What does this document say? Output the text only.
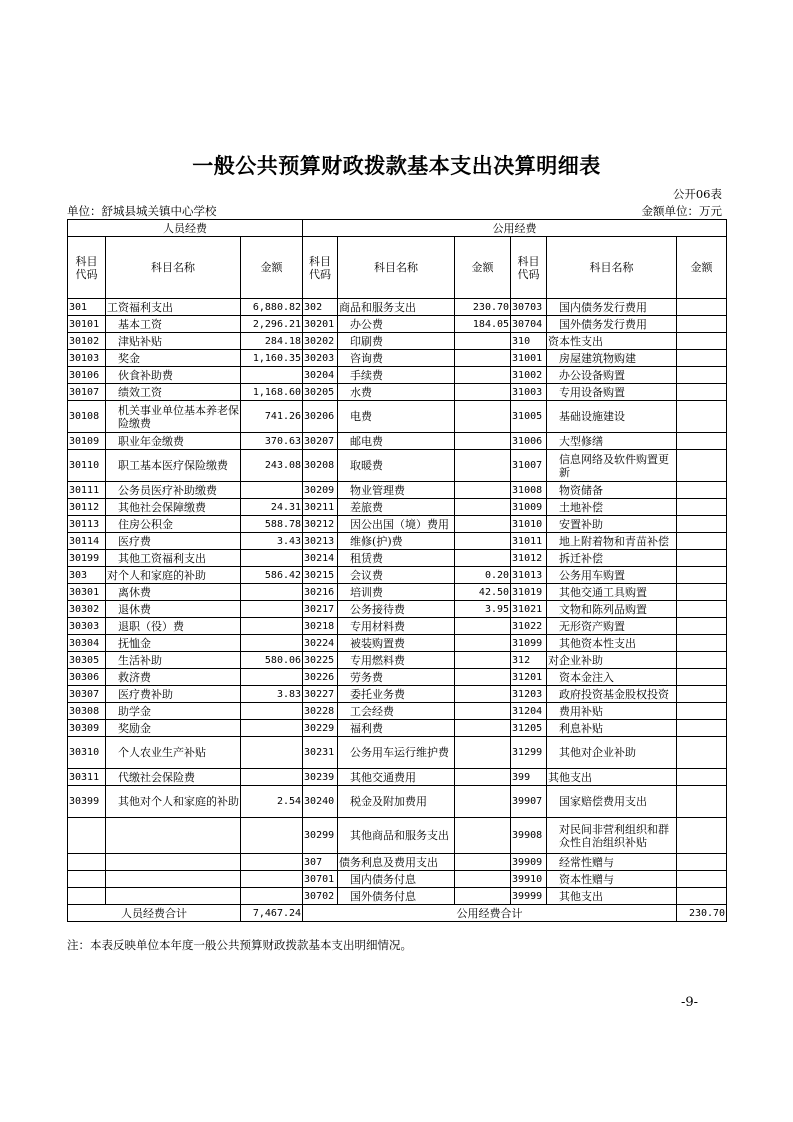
一般公共预算财政拨款基本支出决算明细表
公开06表
单位：舒城县城关镇中心学校	金额单位：万元
人员经费			公用经费					
科目
代码	科目名称	金额	科目
代码	科目名称	金额	科目
代码	科目名称	金额
301	工资福利支出	6,880.82	302	商品和服务支出	230.70	30703	国内债务发行费用	
30101	基本工资	2,296.21	30201	办公费	184.05	30704	国外债务发行费用	
30102	津贴补贴	284.18	30202	印刷费		310	资本性支出	
30103	奖金	1,160.35	30203	咨询费		31001	房屋建筑物购建	
30106	伙食补助费		30204	手续费		31002	办公设备购置	
30107	绩效工资	1,168.60	30205	水费		31003	专用设备购置	
30108	机关事业单位基本养老保险缴费	741.26	30206	电费		31005	基础设施建设	
30109	职业年金缴费	370.63	30207	邮电费		31006	大型修缮	
30110	职工基本医疗保险缴费	243.08	30208	取暖费		31007	信息网络及软件购置更新	
30111	公务员医疗补助缴费		30209	物业管理费		31008	物资储备	
30112	其他社会保障缴费	24.31	30211	差旅费		31009	土地补偿	
30113	住房公积金	588.78	30212	因公出国（境）费用		31010	安置补助	
30114	医疗费	3.43	30213	维修(护)费		31011	地上附着物和青苗补偿	
30199	其他工资福利支出		30214	租赁费		31012	拆迁补偿	
303	对个人和家庭的补助	586.42	30215	会议费	0.20	31013	公务用车购置	
30301	离休费		30216	培训费	42.50	31019	其他交通工具购置	
30302	退休费		30217	公务接待费	3.95	31021	文物和陈列品购置	
30303	退职（役）费		30218	专用材料费		31022	无形资产购置	
30304	抚恤金		30224	被装购置费		31099	其他资本性支出	
30305	生活补助	580.06	30225	专用燃料费		312	对企业补助	
30306	救济费		30226	劳务费		31201	资本金注入	
30307	医疗费补助	3.83	30227	委托业务费		31203	政府投资基金股权投资	
30308	助学金		30228	工会经费		31204	费用补贴	
30309	奖励金		30229	福利费		31205	利息补贴	
30310	个人农业生产补贴		30231	公务用车运行维护费		31299	其他对企业补助	
30311	代缴社会保险费		30239	其他交通费用		399	其他支出	
30399	其他对个人和家庭的补助	2.54	30240	税金及附加费用		39907	国家赔偿费用支出	
			30299	其他商品和服务支出		39908	对民间非营利组织和群众性自治组织补贴	
			307	债务利息及费用支出		39909	经常性赠与	
			30701	国内债务付息		39910	资本性赠与	
			30702	国外债务付息		39999	其他支出	
人员经费合计		7,467.24	公用经费合计					230.70
注：本表反映单位本年度一般公共预算财政拨款基本支出明细情况。
-9-
